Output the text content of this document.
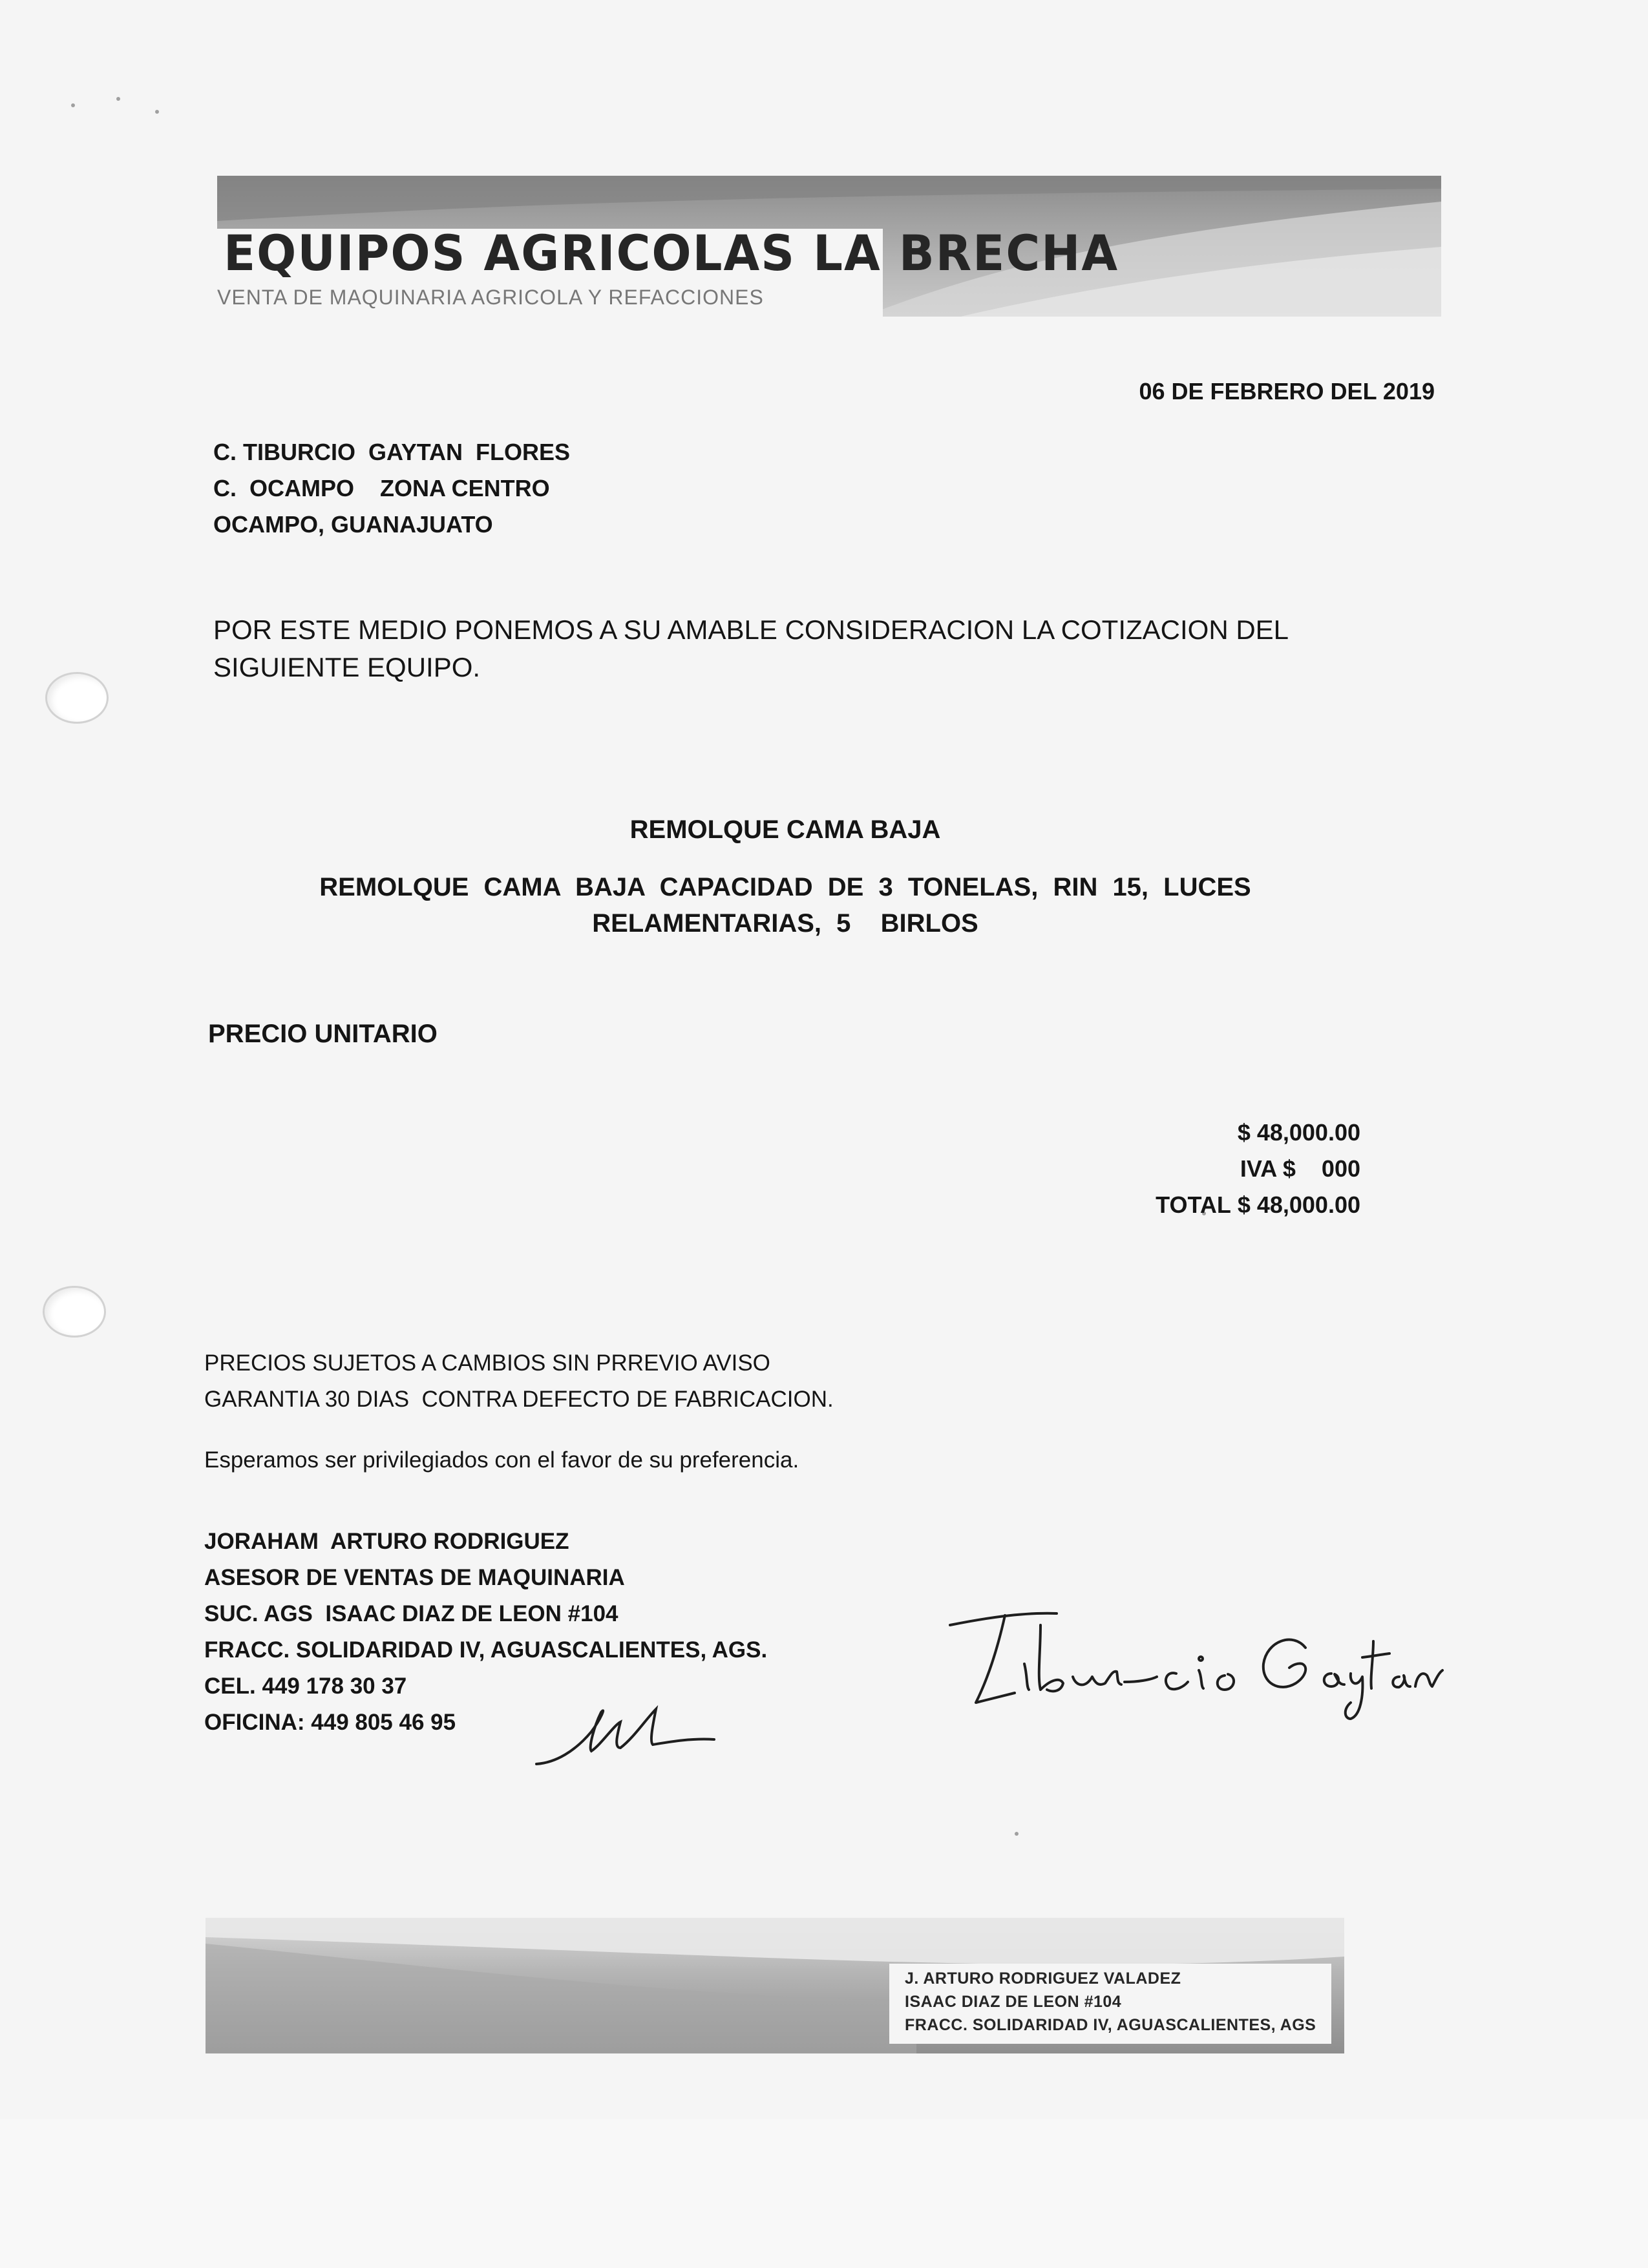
EQUIPOS AGRICOLAS LA BRECHA
VENTA DE MAQUINARIA AGRICOLA Y REFACCIONES
06 DE FEBRERO DEL 2019
C. TIBURCIO  GAYTAN  FLORES
C.  OCAMPO    ZONA CENTRO
OCAMPO, GUANAJUATO
POR ESTE MEDIO PONEMOS A SU AMABLE CONSIDERACION LA COTIZACION DEL
SIGUIENTE EQUIPO.
REMOLQUE CAMA BAJA
REMOLQUE CAMA BAJA CAPACIDAD DE 3 TONELAS, RIN 15, LUCES
RELAMENTARIAS, 5  BIRLOS
PRECIO UNITARIO
$ 48,000.00
IVA $ 000
TOTAL $ 48,000.00
PRECIOS SUJETOS A CAMBIOS SIN PRREVIO AVISO
GARANTIA 30 DIAS  CONTRA DEFECTO DE FABRICACION.
Esperamos ser privilegiados con el favor de su preferencia.
JORAHAM  ARTURO RODRIGUEZ
ASESOR DE VENTAS DE MAQUINARIA
SUC. AGS  ISAAC DIAZ DE LEON #104
FRACC. SOLIDARIDAD IV, AGUASCALIENTES, AGS.
CEL. 449 178 30 37
OFICINA: 449 805 46 95
J. ARTURO RODRIGUEZ VALADEZ
ISAAC DIAZ DE LEON #104
FRACC. SOLIDARIDAD IV, AGUASCALIENTES, AGS
